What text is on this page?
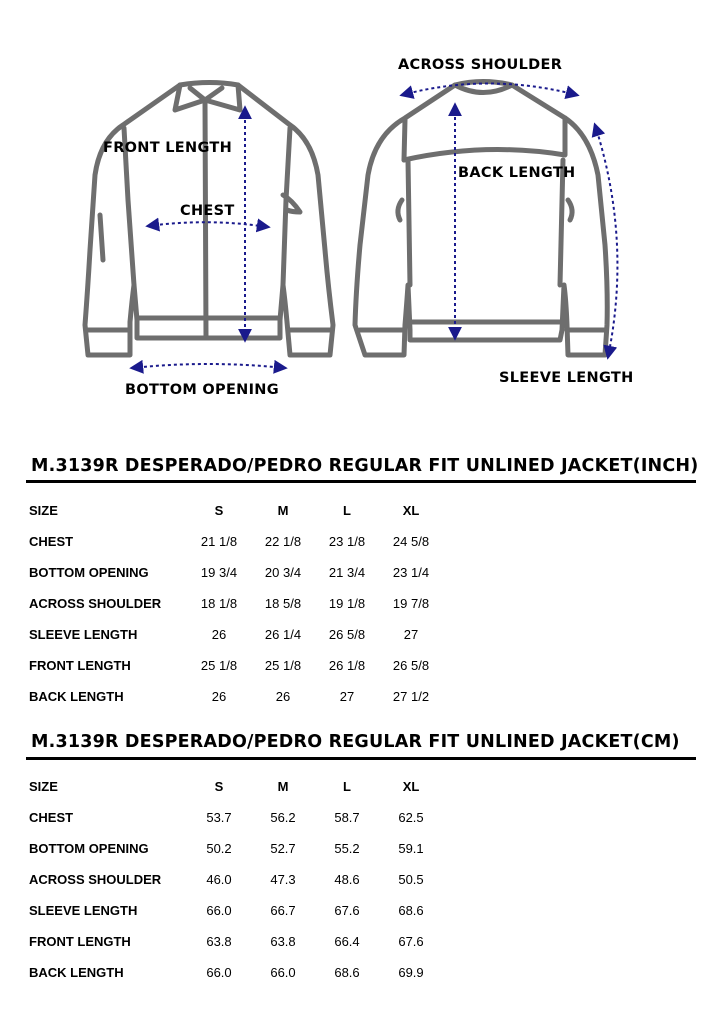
FRONT LENGTH
CHEST
BOTTOM OPENING
ACROSS SHOULDER
BACK LENGTH
SLEEVE LENGTH
M.3139R DESPERADO/PEDRO REGULAR FIT UNLINED JACKET(INCH)
SIZE	S	M	L	XL
CHEST	21 1/8	22 1/8	23 1/8	24 5/8
BOTTOM OPENING	19 3/4	20 3/4	21 3/4	23 1/4
ACROSS SHOULDER	18 1/8	18 5/8	19 1/8	19 7/8
SLEEVE LENGTH	26	26 1/4	26 5/8	27
FRONT LENGTH	25 1/8	25 1/8	26 1/8	26 5/8
BACK LENGTH	26	26	27	27 1/2
M.3139R DESPERADO/PEDRO REGULAR FIT UNLINED JACKET(CM)
SIZE	S	M	L	XL
CHEST	53.7	56.2	58.7	62.5
BOTTOM OPENING	50.2	52.7	55.2	59.1
ACROSS SHOULDER	46.0	47.3	48.6	50.5
SLEEVE LENGTH	66.0	66.7	67.6	68.6
FRONT LENGTH	63.8	63.8	66.4	67.6
BACK LENGTH	66.0	66.0	68.6	69.9
